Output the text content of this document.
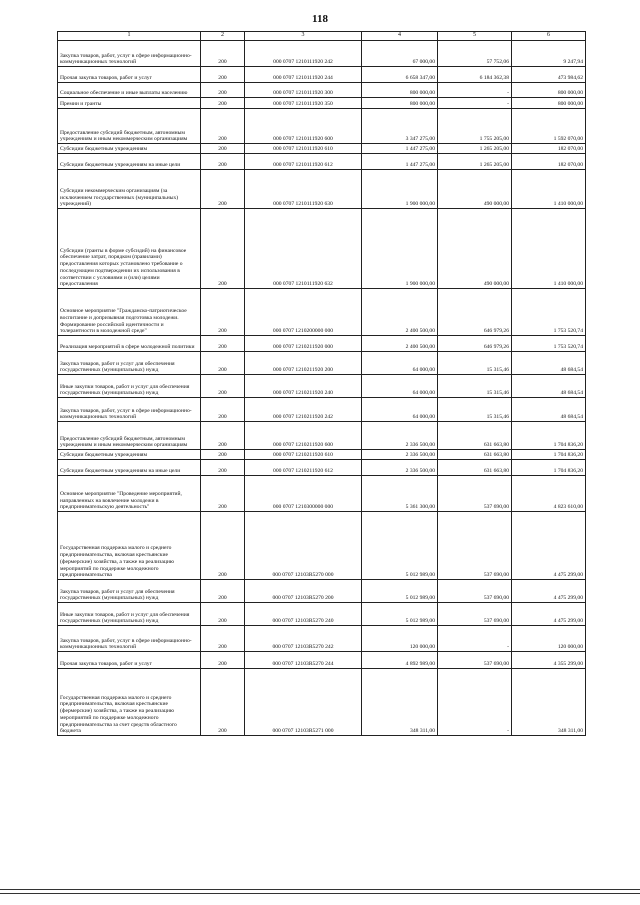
118
1	2	3	4	5	6
Закупка товаров, работ, услуг в сфере информационно-коммуникационных технологий	200	000 0707 1210111920 242	67 000,00	57 752,06	9 247,94
Прочая закупка товаров, работ и услуг	200	000 0707 1210111920 244	6 658 347,00	6 184 362,38	473 984,62
Социальное обеспечение и иные выплаты населению	200	000 0707 1210111920 300	800 000,00	-	800 000,00
Премии и гранты	200	000 0707 1210111920 350	800 000,00	-	800 000,00
Предоставление субсидий бюджетным, автономным учреждениям и иным некоммерческим организациям	200	000 0707 1210111920 600	3 347 275,00	1 755 205,00	1 592 070,00
Субсидии бюджетным учреждениям	200	000 0707 1210111920 610	1 447 275,00	1 265 205,00	182 070,00
Субсидии бюджетным учреждениям на иные цели	200	000 0707 1210111920 612	1 447 275,00	1 265 205,00	182 070,00
Субсидии некоммерческим организациям (за исключением государственных (муниципальных) учреждений)	200	000 0707 1210111920 630	1 900 000,00	490 000,00	1 410 000,00
Субсидии (гранты в форме субсидий) на финансовое обеспечение затрат, порядком (правилами) предоставления которых установлено требование о последующем подтверждении их использования в соответствии с условиями и (или) целями предоставления	200	000 0707 1210111920 632	1 900 000,00	490 000,00	1 410 000,00
Основное мероприятие "Гражданско-патриотическое воспитание и допризывная подготовка молодежи. Формирование российской идентичности и толерантности в молодежной среде"	200	000 0707 1210200000 000	2 400 500,00	646 979,26	1 753 520,74
Реализация мероприятий в сфере молодежной политики	200	000 0707 1210211920 000	2 400 500,00	646 979,26	1 753 520,74
Закупка товаров, работ и услуг для обеспечения государственных (муниципальных) нужд	200	000 0707 1210211920 200	64 000,00	15 315,46	48 684,54
Иные закупки товаров, работ и услуг для обеспечения государственных (муниципальных) нужд	200	000 0707 1210211920 240	64 000,00	15 315,46	48 684,54
Закупка товаров, работ, услуг в сфере информационно-коммуникационных технологий	200	000 0707 1210211920 242	64 000,00	15 315,46	48 684,54
Предоставление субсидий бюджетным, автономным учреждениям и иным некоммерческим организациям	200	000 0707 1210211920 600	2 336 500,00	631 663,80	1 704 836,20
Субсидии бюджетным учреждениям	200	000 0707 1210211920 610	2 336 500,00	631 663,80	1 704 836,20
Субсидии бюджетным учреждениям на иные цели	200	000 0707 1210211920 612	2 336 500,00	631 663,80	1 704 836,20
Основное мероприятие "Проведение мероприятий, направленных на вовлечение молодежи в предпринимательскую деятельность"	200	000 0707 1210300000 000	5 361 300,00	537 690,00	4 823 610,00
Государственная поддержка малого и среднего предпринимательства, включая крестьянские (фермерские) хозяйства, а также на реализацию мероприятий по поддержке молодежного предпринимательства	200	000 0707 12103R5270 000	5 012 989,00	537 690,00	4 475 299,00
Закупка товаров, работ и услуг для обеспечения государственных (муниципальных) нужд	200	000 0707 12103R5270 200	5 012 989,00	537 690,00	4 475 299,00
Иные закупки товаров, работ и услуг для обеспечения государственных (муниципальных) нужд	200	000 0707 12103R5270 240	5 012 989,00	537 690,00	4 475 299,00
Закупка товаров, работ, услуг в сфере информационно-коммуникационных технологий	200	000 0707 12103R5270 242	120 000,00	-	120 000,00
Прочая закупка товаров, работ и услуг	200	000 0707 12103R5270 244	4 892 989,00	537 690,00	4 355 299,00
Государственная поддержка малого и среднего предпринимательства, включая крестьянские (фермерские) хозяйства, а также на реализацию мероприятий по поддержке молодежного предпринимательства за счет средств областного бюджета	200	000 0707 12103R5271 000	348 311,00	-	348 311,00
